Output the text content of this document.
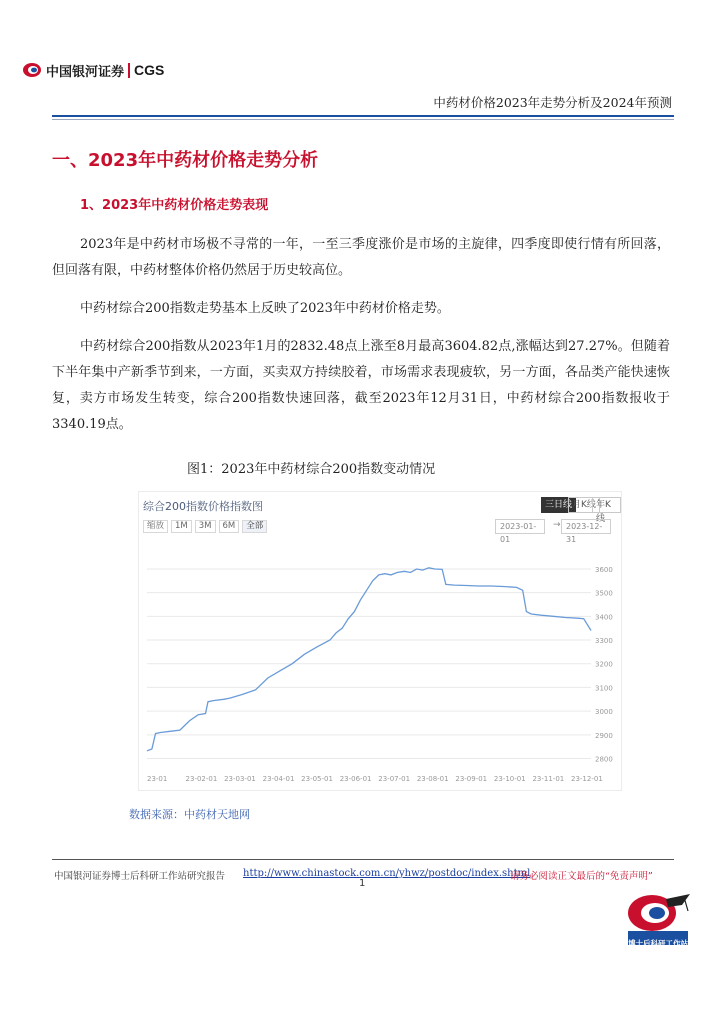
中国银河证券 CGS
中药材价格2023年走势分析及2024年预测
一、2023年中药材价格走势分析
1、2023年中药材价格走势表现
2023年是中药材市场极不寻常的一年，一至三季度涨价是市场的主旋律，四季度即使行情有所回落，但回落有限，中药材整体价格仍然居于历史较高位。
中药材综合200指数走势基本上反映了2023年中药材价格走势。
中药材综合200指数从2023年1月的2832.48点上涨至8月最高3604.82点,涨幅达到27.27%。但随着下半年集中产新季节到来，一方面，买卖双方持续胶着，市场需求表现疲软，另一方面，各品类产能快速恢复，卖方市场发生转变，综合200指数快速回落，截至2023年12月31日，中药材综合200指数报收于3340.19点。
图1：2023年中药材综合200指数变动情况
综合200指数价格指数图	三日线 月K线 年K线
缩放	1M	3M	6M	全部	2023-01-01
→ 2023-12-31
2800
2900
3000
3100
3200
3300
3400
3500
3600
23-01	23-02-01 23-03-01 23-04-01 23-05-01 23-06-01 23-07-01 23-08-01 23-09-01 23-10-01 23-11-01 23-12-01
数据来源：中药材天地网
中国银河证券博士后科研工作站研究报告 http://www.chinastock.com.cn/yhwz/postdoc/index.shtml
请务必阅读正文最后的“免责声明”
1
博士后科研工作站
